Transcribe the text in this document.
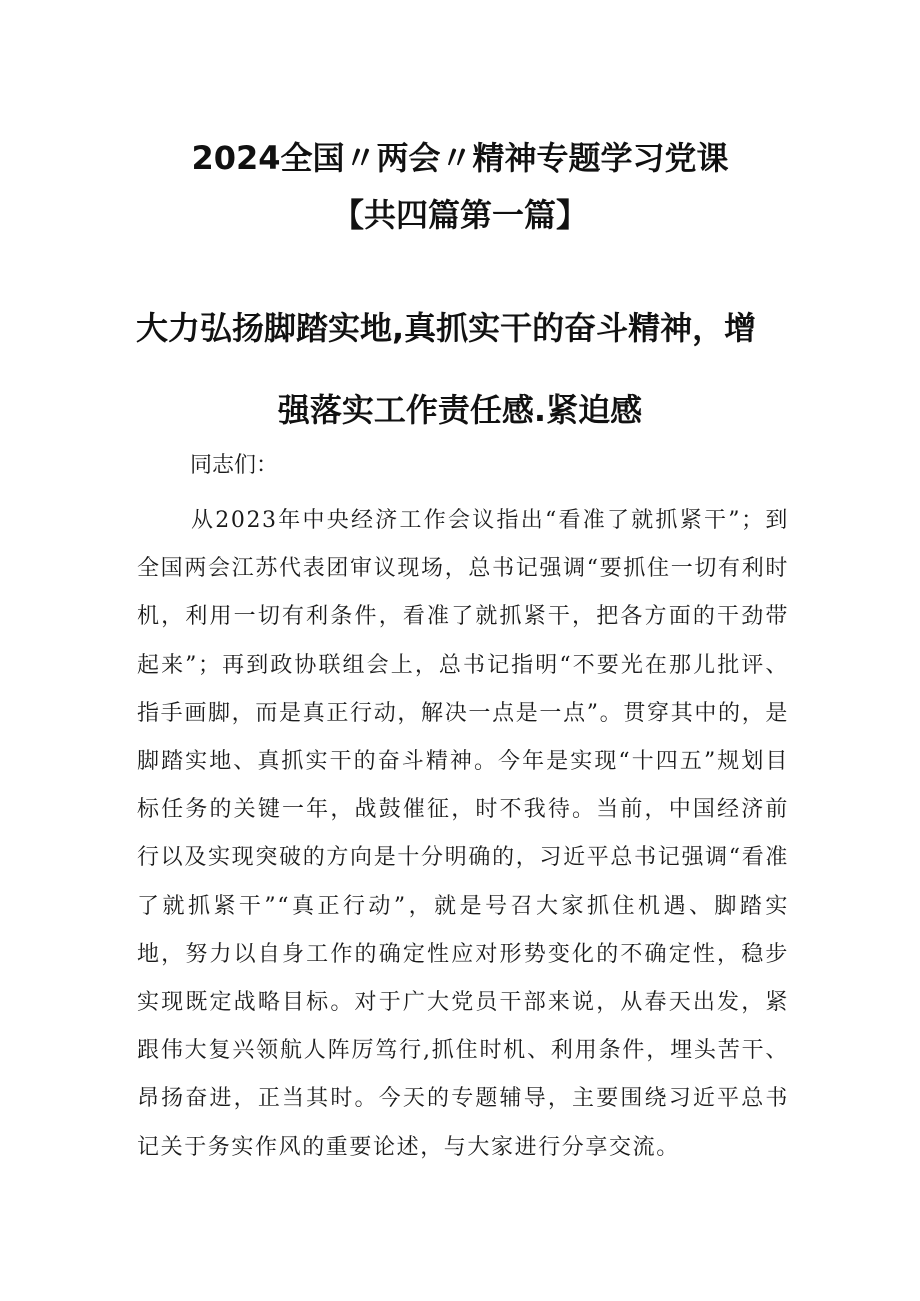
2024全国〃两会〃精神专题学习党课
【共四篇第一篇】
大力弘扬脚踏实地,真抓实干的奋斗精神，增
强落实工作责任感.紧迫感
同志们：
从2023年中央经济工作会议指出“看准了就抓紧干”；到全国两会江苏代表团审议现场，总书记强调“要抓住一切有利时机，利用一切有利条件，看准了就抓紧干，把各方面的干劲带起来”；再到政协联组会上，总书记指明“不要光在那儿批评、指手画脚，而是真正行动，解决一点是一点”。贯穿其中的，是脚踏实地、真抓实干的奋斗精神。今年是实现“十四五”规划目标任务的关键一年，战鼓催征，时不我待。当前，中国经济前行以及实现突破的方向是十分明确的，习近平总书记强调“看准了就抓紧干”“真正行动”，就是号召大家抓住机遇、脚踏实地，努力以自身工作的确定性应对形势变化的不确定性，稳步实现既定战略目标。对于广大党员干部来说，从春天出发，紧跟伟大复兴领航人阵厉笃行,抓住时机、利用条件，埋头苦干、昂扬奋进，正当其时。今天的专题辅导，主要围绕习近平总书记关于务实作风的重要论述，与大家进行分享交流。
